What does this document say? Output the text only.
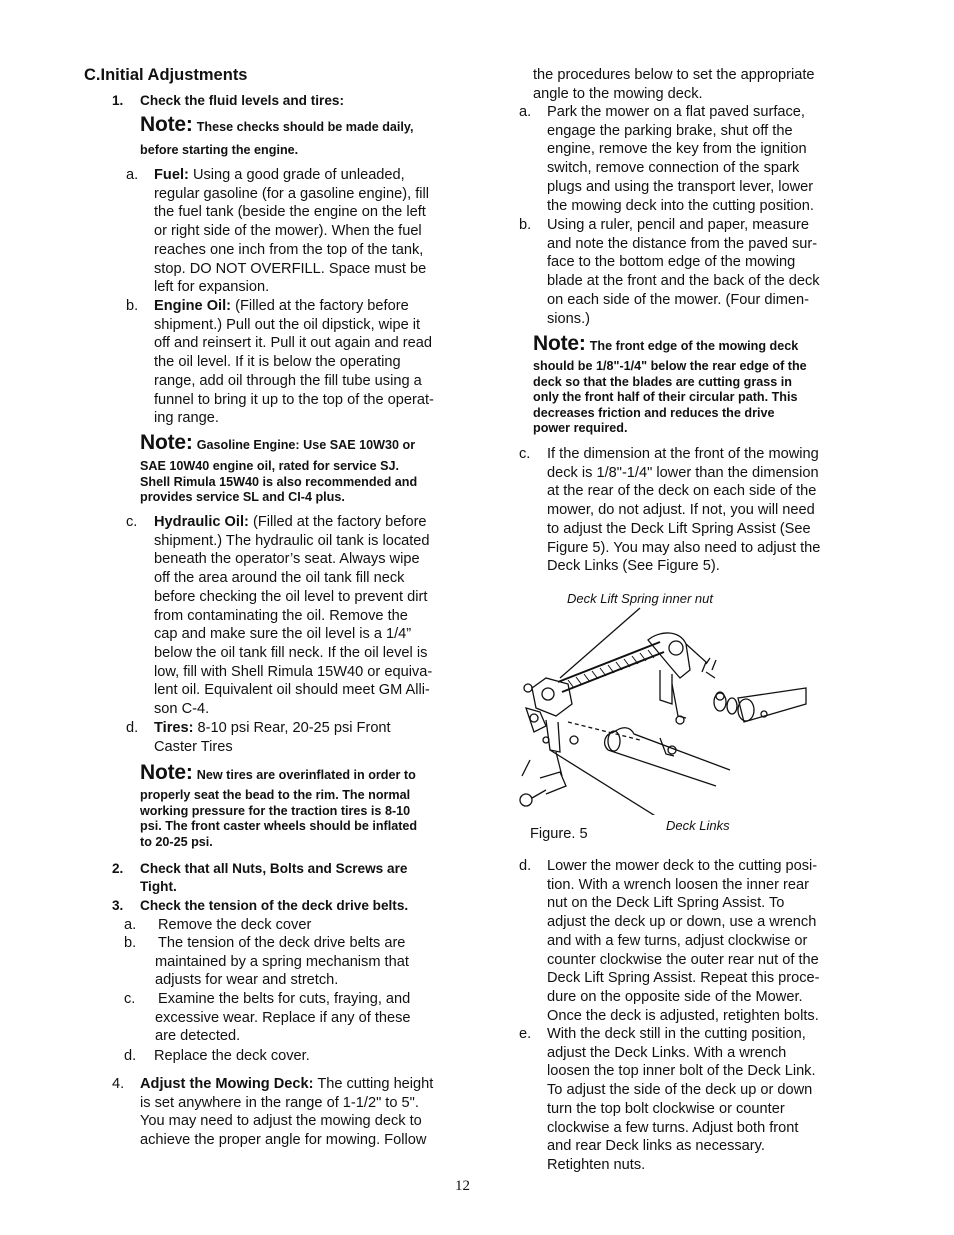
C.Initial Adjustments
1. Check the fluid levels and tires:
Note: These checks should be made daily,
before starting the engine.
a. Fuel: Using a good grade of unleaded,
regular gasoline (for a gasoline engine), fill
the fuel tank (beside the engine on the left
or right side of the mower). When the fuel
reaches one inch from the top of the tank,
stop. DO NOT OVERFILL. Space must be
left for expansion.
b. Engine Oil: (Filled at the factory before
shipment.) Pull out the oil dipstick, wipe it
off and reinsert it. Pull it out again and read
the oil level. If it is below the operating
range, add oil through the fill tube using a
funnel to bring it up to the top of the operat-
ing range.
Note: Gasoline Engine: Use SAE 10W30 or
SAE 10W40 engine oil, rated for service SJ.
Shell Rimula 15W40 is also recommended and
provides service SL and CI-4 plus.
c. Hydraulic Oil: (Filled at the factory before
shipment.) The hydraulic oil tank is located
beneath the operator’s seat. Always wipe
off the area around the oil tank fill neck
before checking the oil level to prevent dirt
from contaminating the oil. Remove the
cap and make sure the oil level is a 1/4”
below the oil tank fill neck. If the oil level is
low, fill with Shell Rimula 15W40 or equiva-
lent oil. Equivalent oil should meet GM Alli-
son C-4.
d. Tires: 8-10 psi Rear, 20-25 psi Front
Caster Tires
Note: New tires are overinflated in order to
properly seat the bead to the rim. The normal
working pressure for the traction tires is 8-10
psi. The front caster wheels should be inflated
to 20-25 psi.
2. Check that all Nuts, Bolts and Screws are
Tight.
3. Check the tension of the deck drive belts.
a. Remove the deck cover
b. The tension of the deck drive belts are
maintained by a spring mechanism that
adjusts for wear and stretch.
c. Examine the belts for cuts, fraying, and
excessive wear. Replace if any of these
are detected.
d. Replace the deck cover.
4. Adjust the Mowing Deck: The cutting height
is set anywhere in the range of 1-1/2" to 5".
You may need to adjust the mowing deck to
achieve the proper angle for mowing. Follow
the procedures below to set the appropriate
angle to the mowing deck.
a. Park the mower on a flat paved surface,
engage the parking brake, shut off the
engine, remove the key from the ignition
switch, remove connection of the spark
plugs and using the transport lever, lower
the mowing deck into the cutting position.
b. Using a ruler, pencil and paper, measure
and note the distance from the paved sur-
face to the bottom edge of the mowing
blade at the front and the back of the deck
on each side of the mower. (Four dimen-
sions.)
Note: The front edge of the mowing deck
should be 1/8"-1/4" below the rear edge of the
deck so that the blades are cutting grass in
only the front half of their circular path. This
decreases friction and reduces the drive
power required.
c. If the dimension at the front of the mowing
deck is 1/8"-1/4" lower than the dimension
at the rear of the deck on each side of the
mower, do not adjust. If not, you will need
to adjust the Deck Lift Spring Assist (See
Figure 5). You may also need to adjust the
Deck Links (See Figure 5).
Deck Lift Spring inner nut
Deck Links
Figure. 5
d. Lower the mower deck to the cutting posi-
tion. With a wrench loosen the inner rear
nut on the Deck Lift Spring Assist. To
adjust the deck up or down, use a wrench
and with a few turns, adjust clockwise or
counter clockwise the outer rear nut of the
Deck Lift Spring Assist. Repeat this proce-
dure on the opposite side of the Mower.
Once the deck is adjusted, retighten bolts.
e. With the deck still in the cutting position,
adjust the Deck Links. With a wrench
loosen the top inner bolt of the Deck Link.
To adjust the side of the deck up or down
turn the top bolt clockwise or counter
clockwise a few turns. Adjust both front
and rear Deck links as necessary.
Retighten nuts.
12
